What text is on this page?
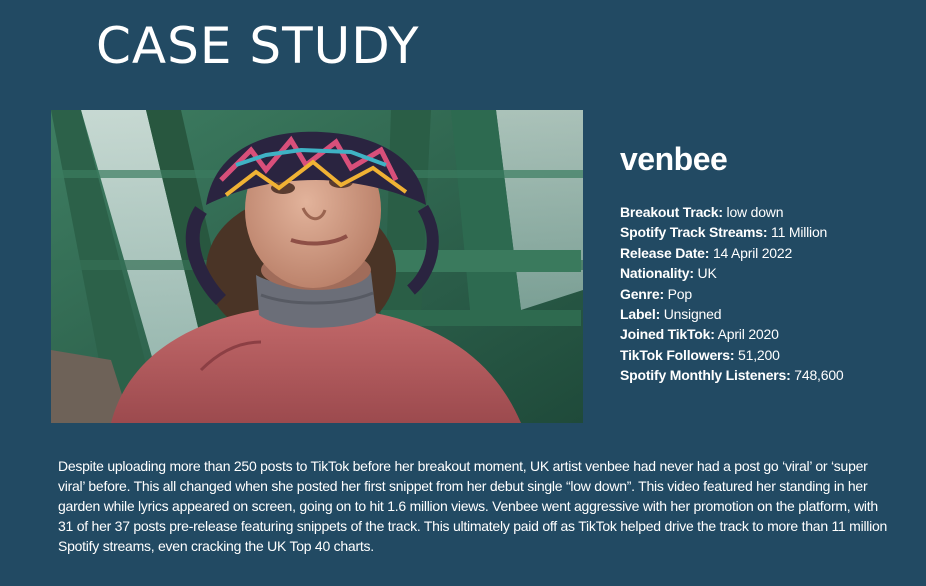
CASE STUDY
venbee
Breakout Track: low down
Spotify Track Streams: 11 Million
Release Date: 14 April 2022
Nationality: UK
Genre: Pop
Label: Unsigned
Joined TikTok: April 2020
TikTok Followers: 51,200
Spotify Monthly Listeners: 748,600

Despite uploading more than 250 posts to TikTok before her breakout moment, UK artist venbee had never had a post go ‘viral’ or ‘super viral’ before. This all changed when she posted her first snippet from her debut single “low down”. This video featured her standing in her garden while lyrics appeared on screen, going on to hit 1.6 million views. Venbee went aggressive with her promotion on the platform, with 31 of her 37 posts pre-release featuring snippets of the track. This ultimately paid off as TikTok helped drive the track to more than 11 million Spotify streams, even cracking the UK Top 40 charts.
